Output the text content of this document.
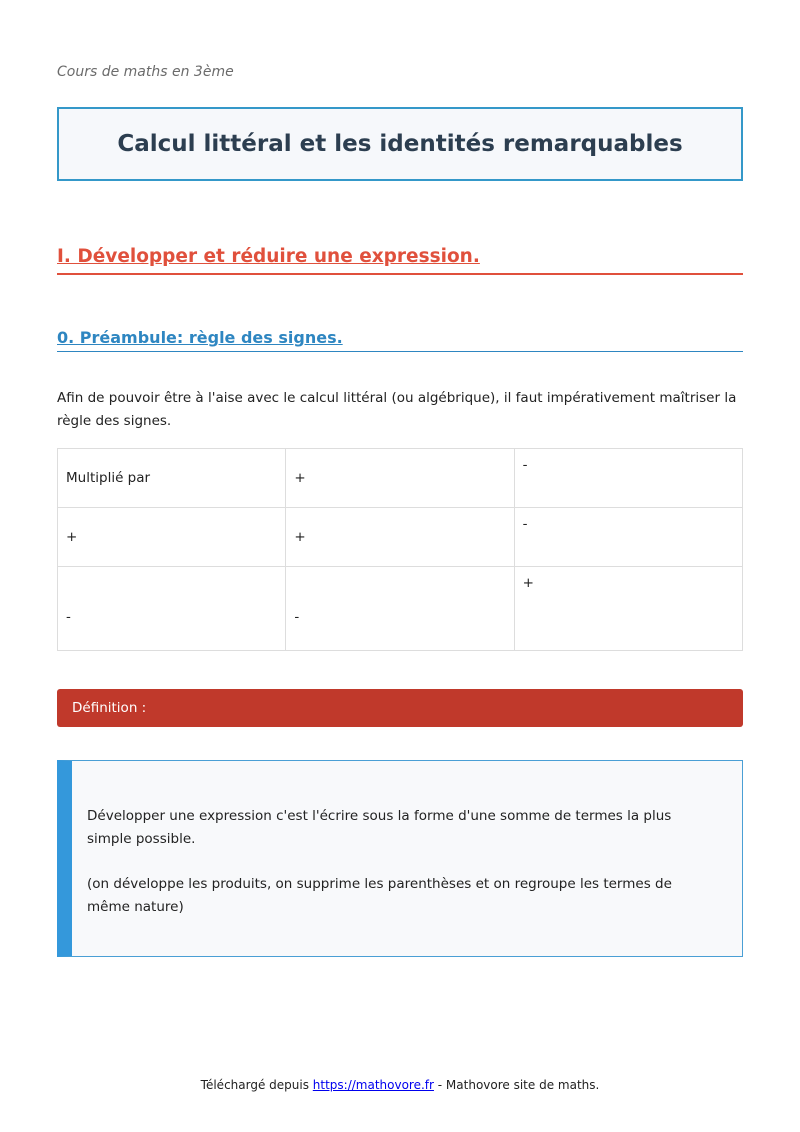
Cours de maths en 3ème
Calcul littéral et les identités remarquables
I. Développer et réduire une expression.
0. Préambule: règle des signes.
Afin de pouvoir être à l'aise avec le calcul littéral (ou algébrique), il faut impérativement maîtriser la règle des signes.
Multiplié par	+	-
+	+	-
-	-	+
Définition :

Développer une expression c'est l'écrire sous la forme d'une somme de termes la plus simple possible.

(on développe les produits, on supprime les parenthèses et on regroupe les termes de même nature)

Téléchargé depuis https://mathovore.fr - Mathovore site de maths.
